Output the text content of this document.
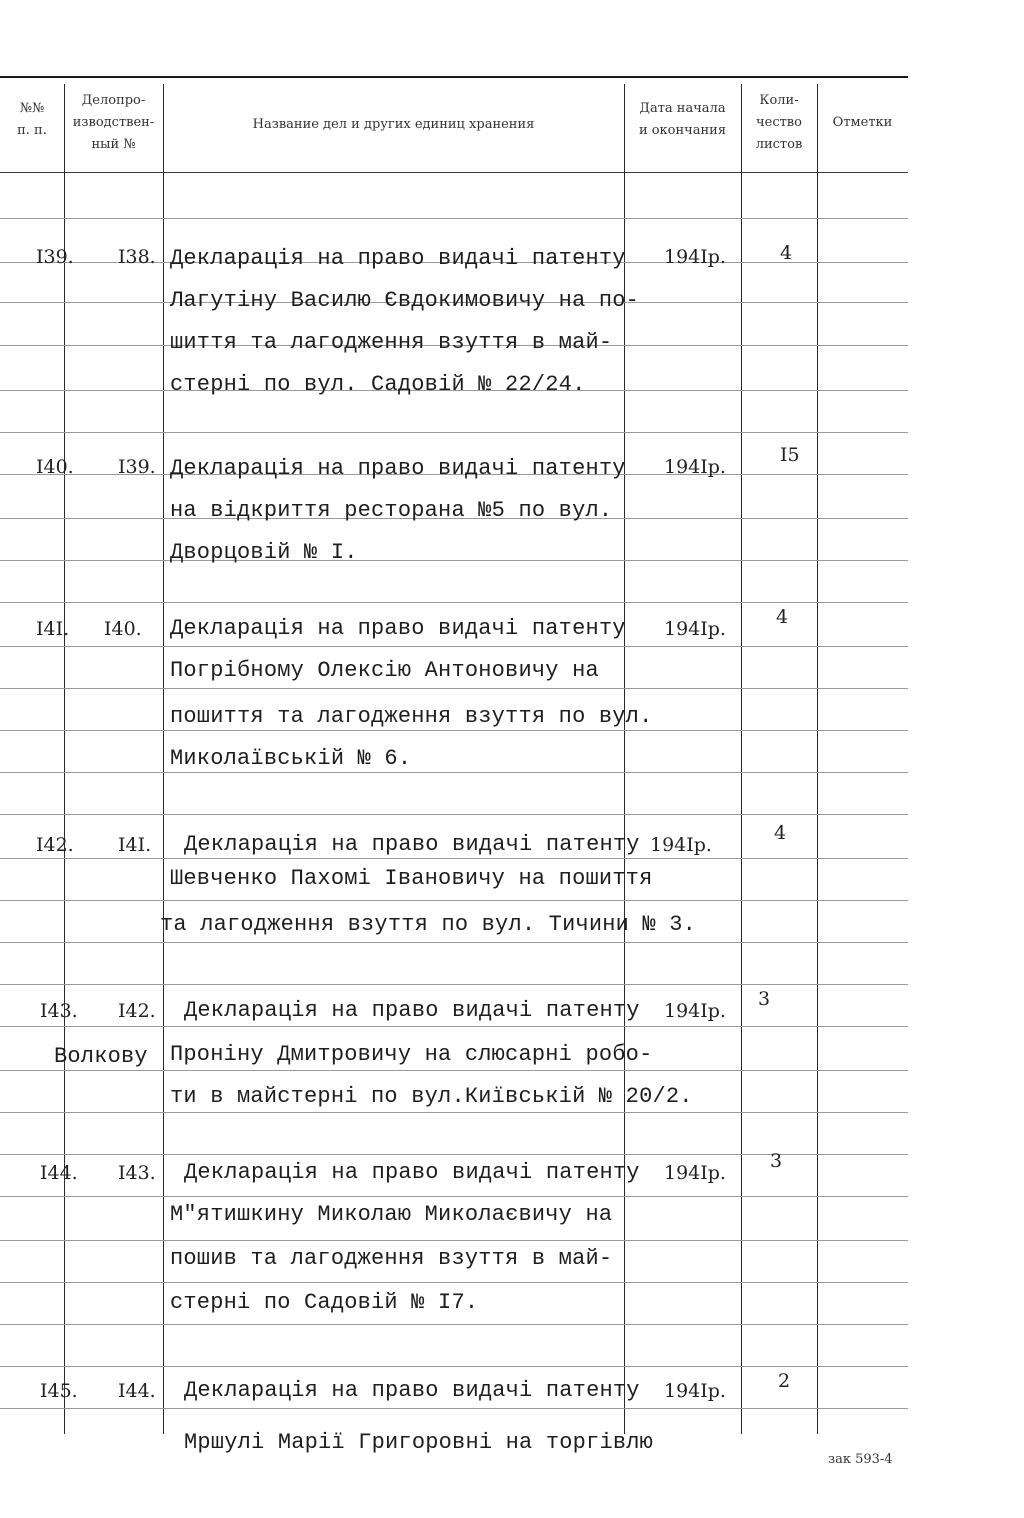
№№
п. п.
Делопро-
изводствен-
ный №
Название дел и других единиц хранения
Дата начала
и окончания
Коли-
чество
листов
Отметки
I39. I38. Декларація на право видачі патенту
Лагутіну Василю Євдокимовичу на по-
шиття та лагодження взуття в май-
стерні по вул. Садовій № 22/24.
194Iр.	4
I40. I39. Декларація на право видачі патенту
на відкриття ресторана №5 по вул.
Дворцовій № I.
194Iр.
I5
I4I. I40. Декларація на право видачі патенту
Погрібному Олексію Антоновичу на
пошиття та лагодження взуття по вул.
Миколаївській № 6.
194Iр.
4
I42. I4I. Декларація на право видачі патенту
Шевченко Пахомі Івановичу на пошиття
та лагодження взуття по вул. Тичини № 3.
194Iр.
4
I43. I42.
Волкову
Декларація на право видачі патенту
Проніну Дмитровичу на слюсарні робо-
ти в майстерні по вул.Київській № 20/2.
194Iр.
3
I44. I43. Декларація на право видачі патенту
М"ятишкину Миколаю Миколаєвичу на
пошив та лагодження взуття в май-
стерні по Садовій № I7.
194Iр.
3
I45. I44. Декларація на право видачі патенту
Мршулі Марії Григоровні на торгівлю
194Iр.	2
зак 593-4
